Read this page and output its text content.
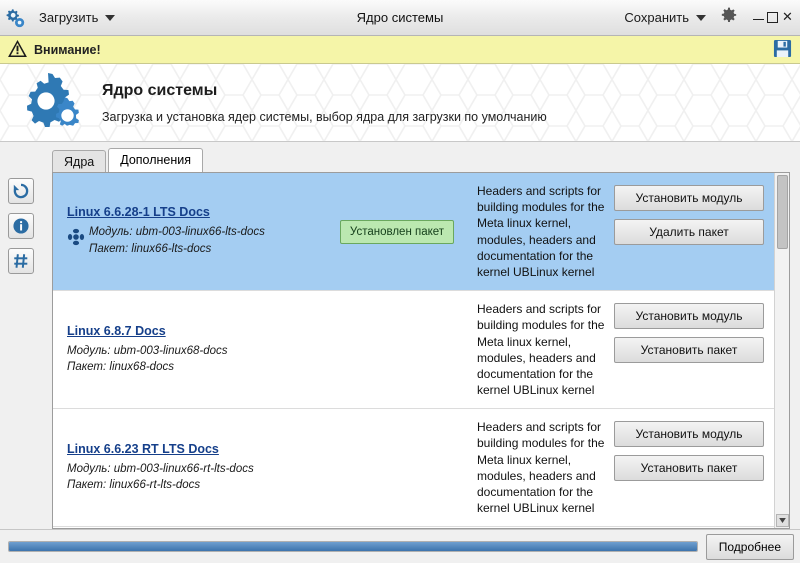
Загрузить	Ядро системы	Сохранить	✕
Внимание!
Ядро системы
Загрузка и установка ядер системы, выбор ядра для загрузки по умолчанию
Ядра	Дополнения
Linux 6.6.28-1 LTS Docs
Модуль: ubm-003-linux66-lts-docs
Пакет: linux66-lts-docs
Установлен пакет
Headers and scripts for building modules for the Meta linux kernel, modules, headers and documentation for the kernel UBLinux kernel
Установить модуль
Удалить пакет
Linux 6.8.7 Docs
Модуль: ubm-003-linux68-docs
Пакет: linux68-docs
Headers and scripts for building modules for the Meta linux kernel, modules, headers and documentation for the kernel UBLinux kernel
Установить модуль
Установить пакет
Linux 6.6.23 RT LTS Docs
Модуль: ubm-003-linux66-rt-lts-docs
Пакет: linux66-rt-lts-docs
Headers and scripts for building modules for the Meta linux kernel, modules, headers and documentation for the kernel UBLinux kernel
Установить модуль
Установить пакет
Подробнее
